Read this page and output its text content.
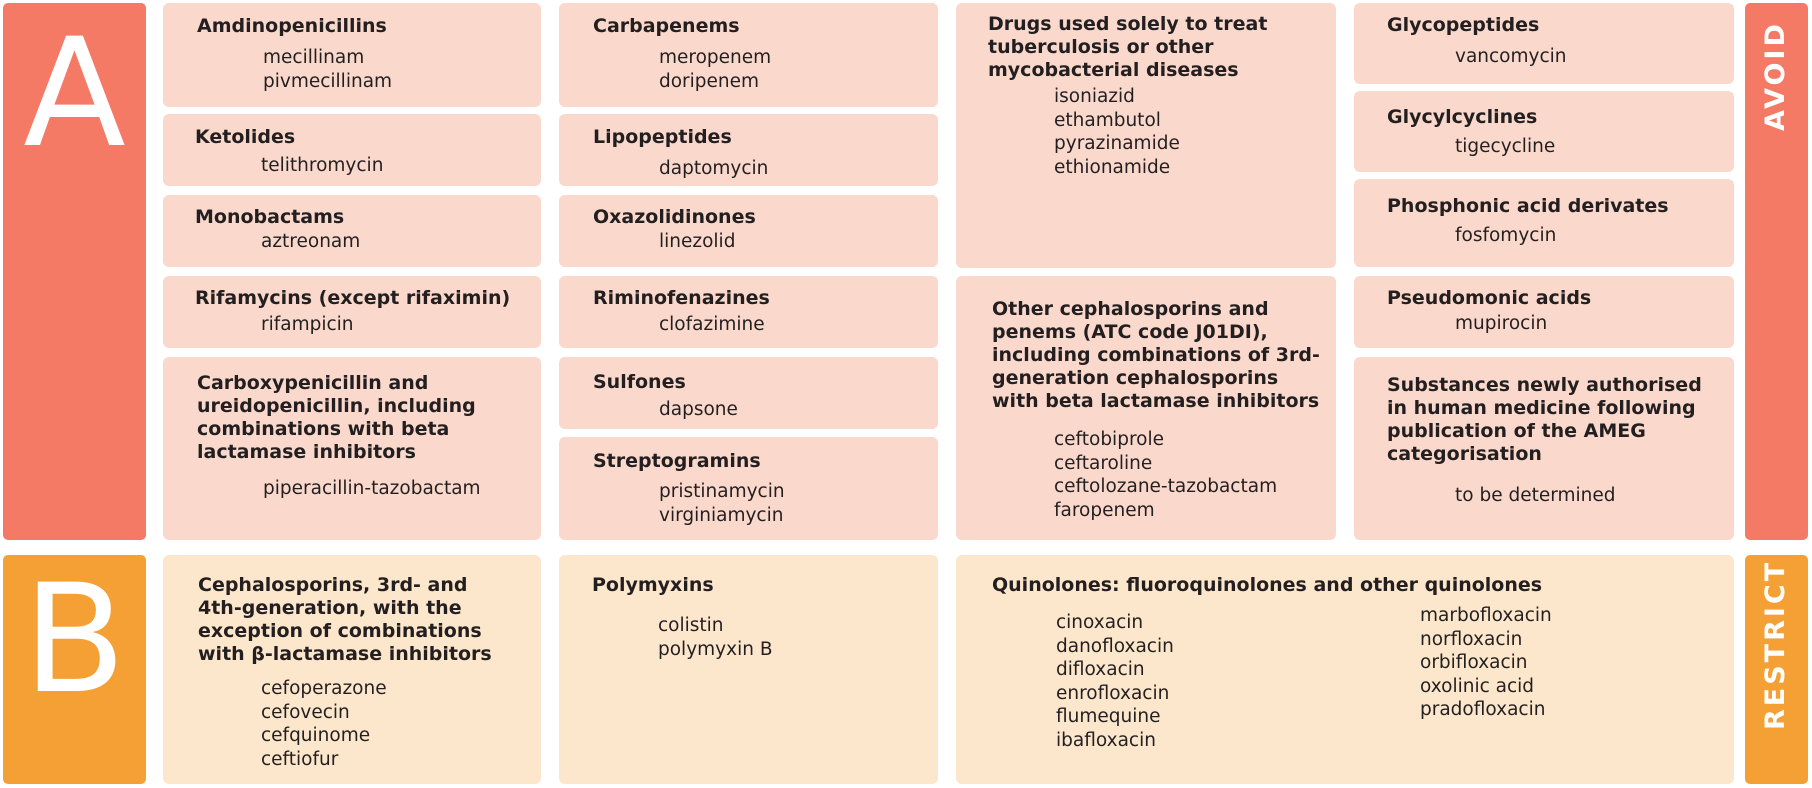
A	AVOID
B	RESTRICT
Amdinopenicillins
mecillinam
pivmecillinam
Ketolides
telithromycin
Monobactams
aztreonam
Rifamycins (except rifaximin)
rifampicin
Carboxypenicillin and ureidopenicillin, including combinations with beta lactamase inhibitors
piperacillin-tazobactam
Carbapenems
meropenem
doripenem
Lipopeptides
daptomycin
Oxazolidinones
linezolid
Riminofenazines
clofazimine
Sulfones
dapsone
Streptogramins
pristinamycin
virginiamycin
Drugs used solely to treat tuberculosis or other mycobacterial diseases
isoniazid
ethambutol
pyrazinamide
ethionamide
Other cephalosporins and penems (ATC code J01DI), including combinations of 3rd-generation cephalosporins with beta lactamase inhibitors
ceftobiprole
ceftaroline
ceftolozane-tazobactam
faropenem
Glycopeptides
vancomycin
Glycylcyclines
tigecycline
Phosphonic acid derivates
fosfomycin
Pseudomonic acids
mupirocin
Substances newly authorised in human medicine following publication of the AMEG categorisation
to be determined
Cephalosporins, 3rd- and 4th-generation, with the exception of combinations with β-lactamase inhibitors
cefoperazone
cefovecin
cefquinome
ceftiofur
Polymyxins
colistin
polymyxin B
Quinolones: fluoroquinolones and other quinolones
cinoxacin
danofloxacin
difloxacin
enrofloxacin
flumequine
ibafloxacin
marbofloxacin
norfloxacin
orbifloxacin
oxolinic acid
pradofloxacin
